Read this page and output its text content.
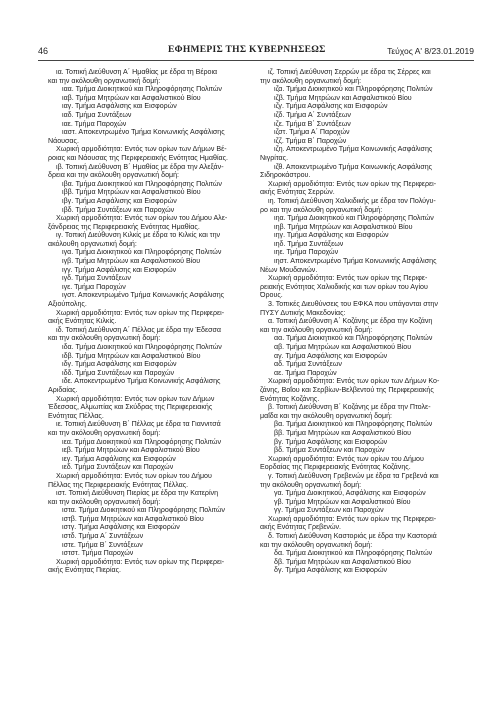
46	ΕΦΗΜΕΡΙΣ ΤΗΣ ΚΥΒΕΡΝΗΣΕΩΣ	Τεύχος Α' 8/23.01.2019
ια. Τοπική Διεύθυνση Α΄ Ημαθίας με έδρα τη Βέροια
και την ακόλουθη οργανωτική δομή:
ιαα. Τμήμα Διοικητικού και Πληροφόρησης Πολιτών
ιαβ. Τμήμα Μητρώων και Ασφαλιστικού Βίου
ιαγ. Τμήμα Ασφάλισης και Εισφορών
ιαδ. Τμήμα Συντάξεων
ιαε. Τμήμα Παροχών
ιαστ. Αποκεντρωμένο Τμήμα Κοινωνικής Ασφάλισης
Νάουσας.
Χωρική αρμοδιότητα: Εντός των ορίων των Δήμων Βέ-
ροιας και Νάουσας της Περιφερειακής Ενότητας Ημαθίας.
ιβ. Τοπική Διεύθυνση Β΄ Ημαθίας με έδρα την Αλεξάν-
δρεια και την ακόλουθη οργανωτική δομή:
ιβα. Τμήμα Διοικητικού και Πληροφόρησης Πολιτών
ιββ. Τμήμα Μητρώων και Ασφαλιστικού Βίου
ιβγ. Τμήμα Ασφάλισης και Εισφορών
ιβδ. Τμήμα Συντάξεων και Παροχών
Χωρική αρμοδιότητα: Εντός των ορίων του Δήμου Αλε-
ξάνδρειας της Περιφερειακής Ενότητας Ημαθίας.
ιγ. Τοπική Διεύθυνση Κιλκίς με έδρα το Κιλκίς και την
ακόλουθη οργανωτική δομή:
ιγα. Τμήμα Διοικητικού και Πληροφόρησης Πολιτών
ιγβ. Τμήμα Μητρώων και Ασφαλιστικού Βίου
ιγγ. Τμήμα Ασφάλισης και Εισφορών
ιγδ. Τμήμα Συντάξεων
ιγε. Τμήμα Παροχών
ιγστ. Αποκεντρωμένο Τμήμα Κοινωνικής Ασφάλισης
Αξιούπολης.
Χωρική αρμοδιότητα: Εντός των ορίων της Περιφερει-
ακής Ενότητας Κιλκίς.
ιδ. Τοπική Διεύθυνση Α΄ Πέλλας με έδρα την Έδεσσα
και την ακόλουθη οργανωτική δομή:
ιδα. Τμήμα Διοικητικού και Πληροφόρησης Πολιτών
ιδβ. Τμήμα Μητρώων και Ασφαλιστικού Βίου
ιδγ. Τμήμα Ασφάλισης και Εισφορών
ιδδ. Τμήμα Συντάξεων και Παροχών
ιδε. Αποκεντρωμένο Τμήμα Κοινωνικής Ασφάλισης
Αριδαίας.
Χωρική αρμοδιότητα: Εντός των ορίων των Δήμων
Έδεσσας, Αλμωπίας και Σκύδρας της Περιφερειακής
Ενότητας Πέλλας.
ιε. Τοπική Διεύθυνση Β΄ Πέλλας με έδρα τα Γιαννιτσά
και την ακόλουθη οργανωτική δομή:
ιεα. Τμήμα Διοικητικού και Πληροφόρησης Πολιτών
ιεβ. Τμήμα Μητρώων και Ασφαλιστικού Βίου
ιεγ. Τμήμα Ασφάλισης και Εισφορών
ιεδ. Τμήμα Συντάξεων και Παροχών
Χωρική αρμοδιότητα: Εντός των ορίων του Δήμου
Πέλλας της Περιφερειακής Ενότητας Πέλλας.
ιστ. Τοπική Διεύθυνση Πιερίας με έδρα την Κατερίνη
και την ακόλουθη οργανωτική δομή:
ιστα. Τμήμα Διοικητικού και Πληροφόρησης Πολιτών
ιστβ. Τμήμα Μητρώων και Ασφαλιστικού Βίου
ιστγ. Τμήμα Ασφάλισης και Εισφορών
ιστδ. Τμήμα Α΄ Συντάξεων
ιστε. Τμήμα Β΄ Συντάξεων
ιστστ. Τμήμα Παροχών
Χωρική αρμοδιότητα: Εντός των ορίων της Περιφερει-
ακής Ενότητας Πιερίας.
ιζ. Τοπική Διεύθυνση Σερρών με έδρα τις Σέρρες και
την ακόλουθη οργανωτική δομή:
ιζα. Τμήμα Διοικητικού και Πληροφόρησης Πολιτών
ιζβ. Τμήμα Μητρώων και Ασφαλιστικού Βίου
ιζγ. Τμήμα Ασφάλισης και Εισφορών
ιζδ. Τμήμα Α΄ Συντάξεων
ιζε. Τμήμα Β΄ Συντάξεων
ιζστ. Τμήμα Α΄ Παροχών
ιζζ. Τμήμα Β΄ Παροχών
ιζη. Αποκεντρωμένο Τμήμα Κοινωνικής Ασφάλισης
Νιγρίτας.
ιζθ. Αποκεντρωμένο Τμήμα Κοινωνικής Ασφάλισης
Σιδηροκάστρου.
Χωρική αρμοδιότητα: Εντός των ορίων της Περιφερει-
ακής Ενότητας Σερρών.
ιη. Τοπική Διεύθυνση Χαλκιδικής με έδρα τον Πολύγυ-
ρο και την ακόλουθη οργανωτική δομή:
ιηα. Τμήμα Διοικητικού και Πληροφόρησης Πολιτών
ιηβ. Τμήμα Μητρώων και Ασφαλιστικού Βίου
ιηγ. Τμήμα Ασφάλισης και Εισφορών
ιηδ. Τμήμα Συντάξεων
ιηε. Τμήμα Παροχών
ιηστ. Αποκεντρωμένο Τμήμα Κοινωνικής Ασφάλισης
Νέων Μουδανιών.
Χωρική αρμοδιότητα: Εντός των ορίων της Περιφε-
ρειακής Ενότητας Χαλκιδικής και των ορίων του Αγίου
Όρους.
3. Τοπικές Διευθύνσεις του ΕΦΚΑ που υπάγονται στην
ΠΥΣΥ Δυτικής Μακεδονίας:
α. Τοπική Διεύθυνση Α΄ Κοζάνης με έδρα την Κοζάνη
και την ακόλουθη οργανωτική δομή:
αα. Τμήμα Διοικητικού και Πληροφόρησης Πολιτών
αβ. Τμήμα Μητρώων και Ασφαλιστικού Βίου
αγ. Τμήμα Ασφάλισης και Εισφορών
αδ. Τμήμα Συντάξεων
αε. Τμήμα Παροχών
Χωρική αρμοδιότητα: Εντός των ορίων των Δήμων Κο-
ζάνης, Βοΐου και Σερβίων-Βελβεντού της Περιφερειακής
Ενότητας Κοζάνης.
β. Τοπική Διεύθυνση Β΄ Κοζάνης με έδρα την Πτολε-
μαΐδα και την ακόλουθη οργανωτική δομή:
βα. Τμήμα Διοικητικού και Πληροφόρησης Πολιτών
ββ. Τμήμα Μητρώων και Ασφαλιστικού Βίου
βγ. Τμήμα Ασφάλισης και Εισφορών
βδ. Τμήμα Συντάξεων και Παροχών
Χωρική αρμοδιότητα: Εντός των ορίων του Δήμου
Εορδαίας της Περιφερειακής Ενότητας Κοζάνης.
γ. Τοπική Διεύθυνση Γρεβενών με έδρα τα Γρεβενά και
την ακόλουθη οργανωτική δομή:
γα. Τμήμα Διοικητικού, Ασφάλισης και Εισφορών
γβ. Τμήμα Μητρώων και Ασφαλιστικού Βίου
γγ. Τμήμα Συντάξεων και Παροχών
Χωρική αρμοδιότητα: Εντός των ορίων της Περιφερει-
ακής Ενότητας Γρεβενών.
δ. Τοπική Διεύθυνση Καστοριάς με έδρα την Καστοριά
και την ακόλουθη οργανωτική δομή:
δα. Τμήμα Διοικητικού και Πληροφόρησης Πολιτών
δβ. Τμήμα Μητρώων και Ασφαλιστικού Βίου
δγ. Τμήμα Ασφάλισης και Εισφορών
